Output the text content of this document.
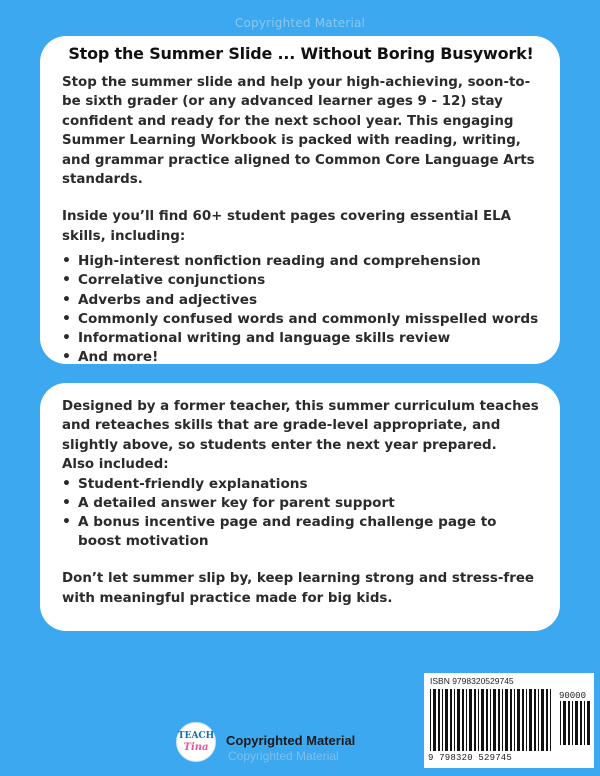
Copyrighted Material
Stop the Summer Slide ... Without Boring Busywork!

Stop the summer slide and help your high-achieving, soon-to-be sixth grader (or any advanced learner ages 9 - 12) stay confident and ready for the next school year. This engaging Summer Learning Workbook is packed with reading, writing, and grammar practice aligned to Common Core Language Arts standards.

Inside you’ll find 60+ student pages covering essential ELA skills, including:

• High-interest nonfiction reading and comprehension
• Correlative conjunctions
• Adverbs and adjectives
• Commonly confused words and commonly misspelled words
• Informational writing and language skills review
• And more!

Designed by a former teacher, this summer curriculum teaches and reteaches skills that are grade-level appropriate, and slightly above, so students enter the next year prepared.

Also included:

• Student-friendly explanations
• A detailed answer key for parent support
• A bonus incentive page and reading challenge page to boost motivation

Don’t let summer slip by, keep learning strong and stress-free with meaningful practice made for big kids.

TEACH
Tina	Copyrighted Material
Copyrighted Material
ISBN 9798320529745
90000
9 798320 529745
